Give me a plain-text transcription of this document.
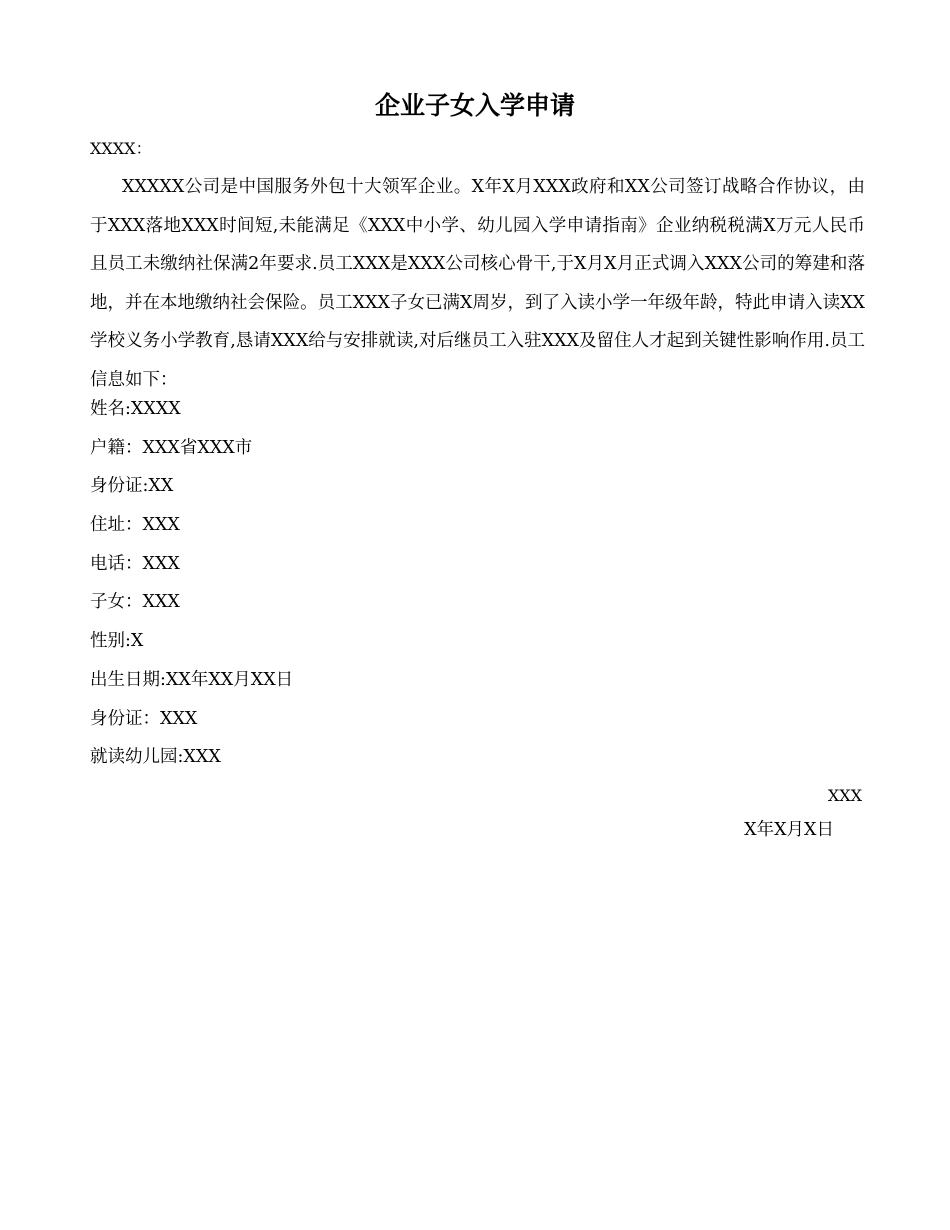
企业子女入学申请
XXXX：
XXXXX公司是中国服务外包十大领军企业。X年X月XXX政府和XX公司签订战略合作协议，由于XXX落地XXX时间短,未能满足《XXX中小学、幼儿园入学申请指南》企业纳税税满X万元人民币且员工未缴纳社保满2年要求.员工XXX是XXX公司核心骨干,于X月X月正式调入XXX公司的筹建和落地，并在本地缴纳社会保险。员工XXX子女已满X周岁，到了入读小学一年级年龄，特此申请入读XX学校义务小学教育,恳请XXX给与安排就读,对后继员工入驻XXX及留住人才起到关键性影响作用.员工信息如下：
姓名:XXXX
户籍：XXX省XXX市
身份证:XX
住址：XXX
电话：XXX
子女：XXX
性别:X
出生日期:XX年XX月XX日
身份证：XXX
就读幼儿园:XXX
XXX
X年X月X日
